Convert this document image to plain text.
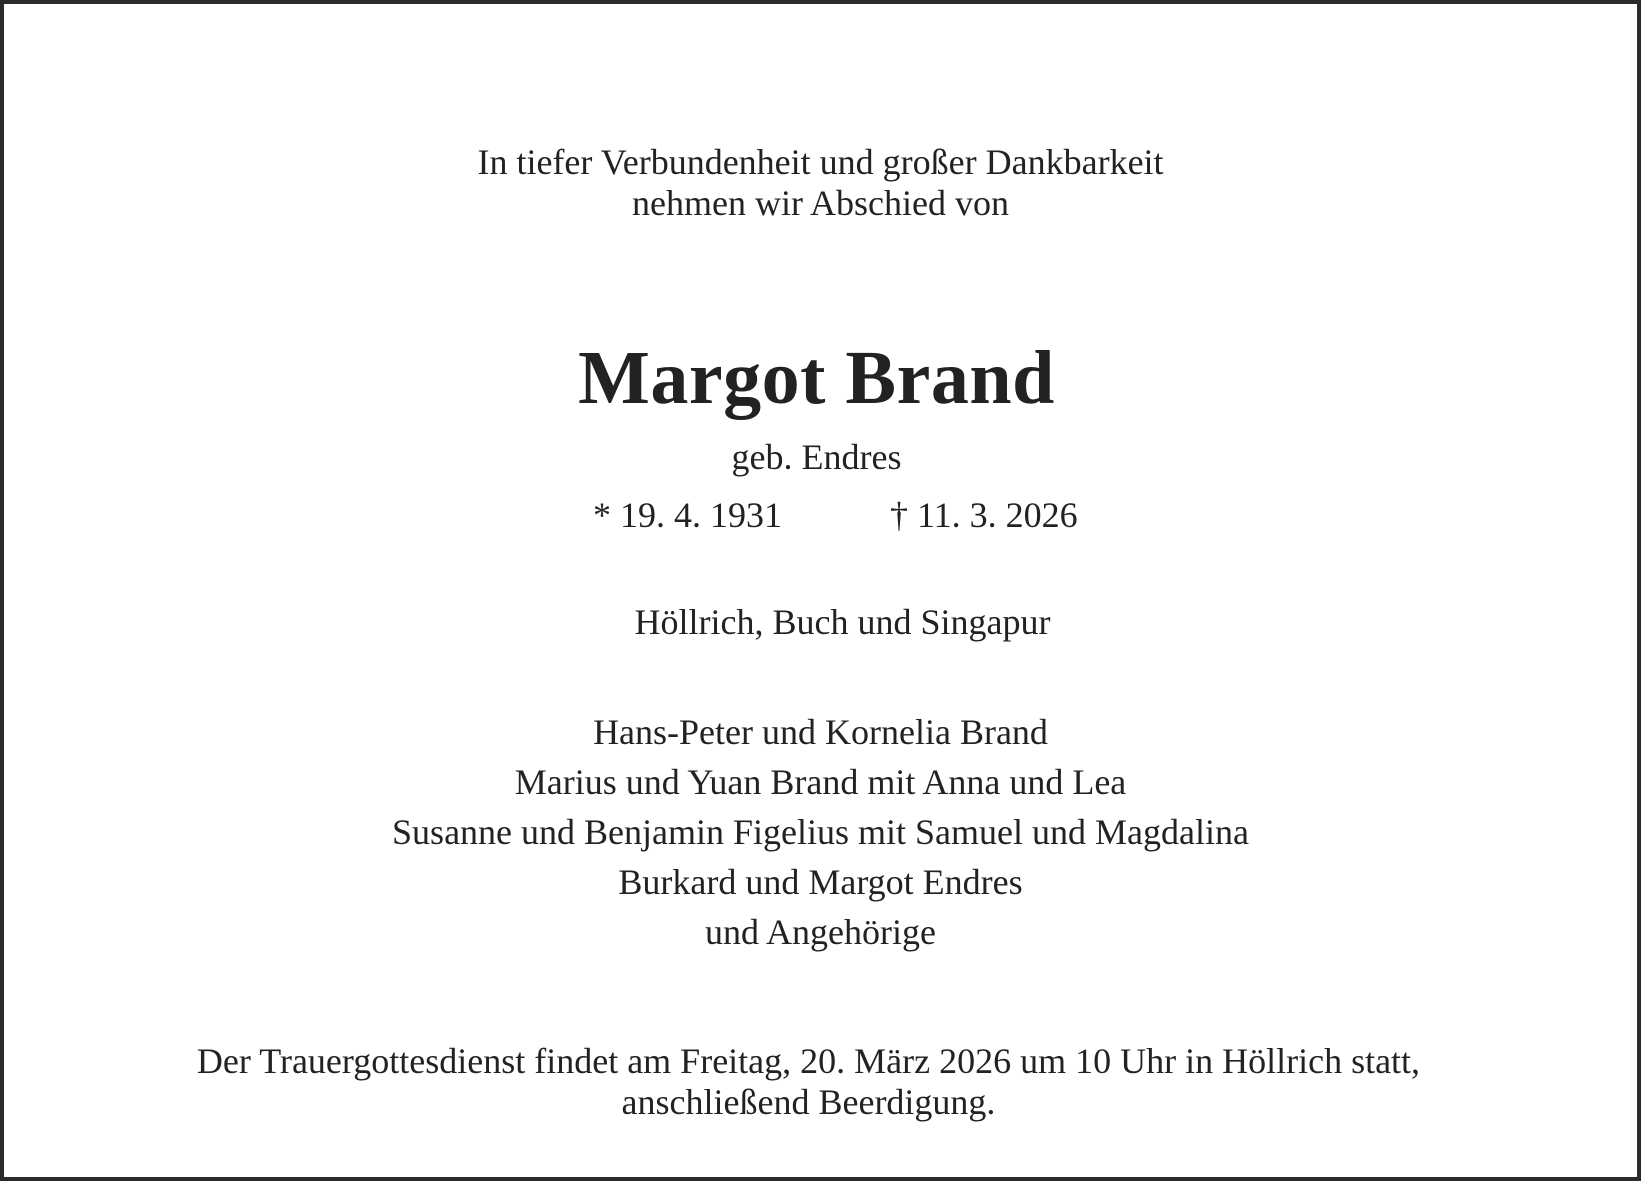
In tiefer Verbundenheit und großer Dankbarkeit
nehmen wir Abschied von
Margot Brand
geb. Endres
* 19. 4. 1931	† 11. 3. 2026
Höllrich, Buch und Singapur
Hans-Peter und Kornelia Brand
Marius und Yuan Brand mit Anna und Lea
Susanne und Benjamin Figelius mit Samuel und Magdalina
Burkard und Margot Endres
und Angehörige
Der Trauergottesdienst findet am Freitag, 20. März 2026 um 10 Uhr in Höllrich statt,
anschließend Beerdigung.
